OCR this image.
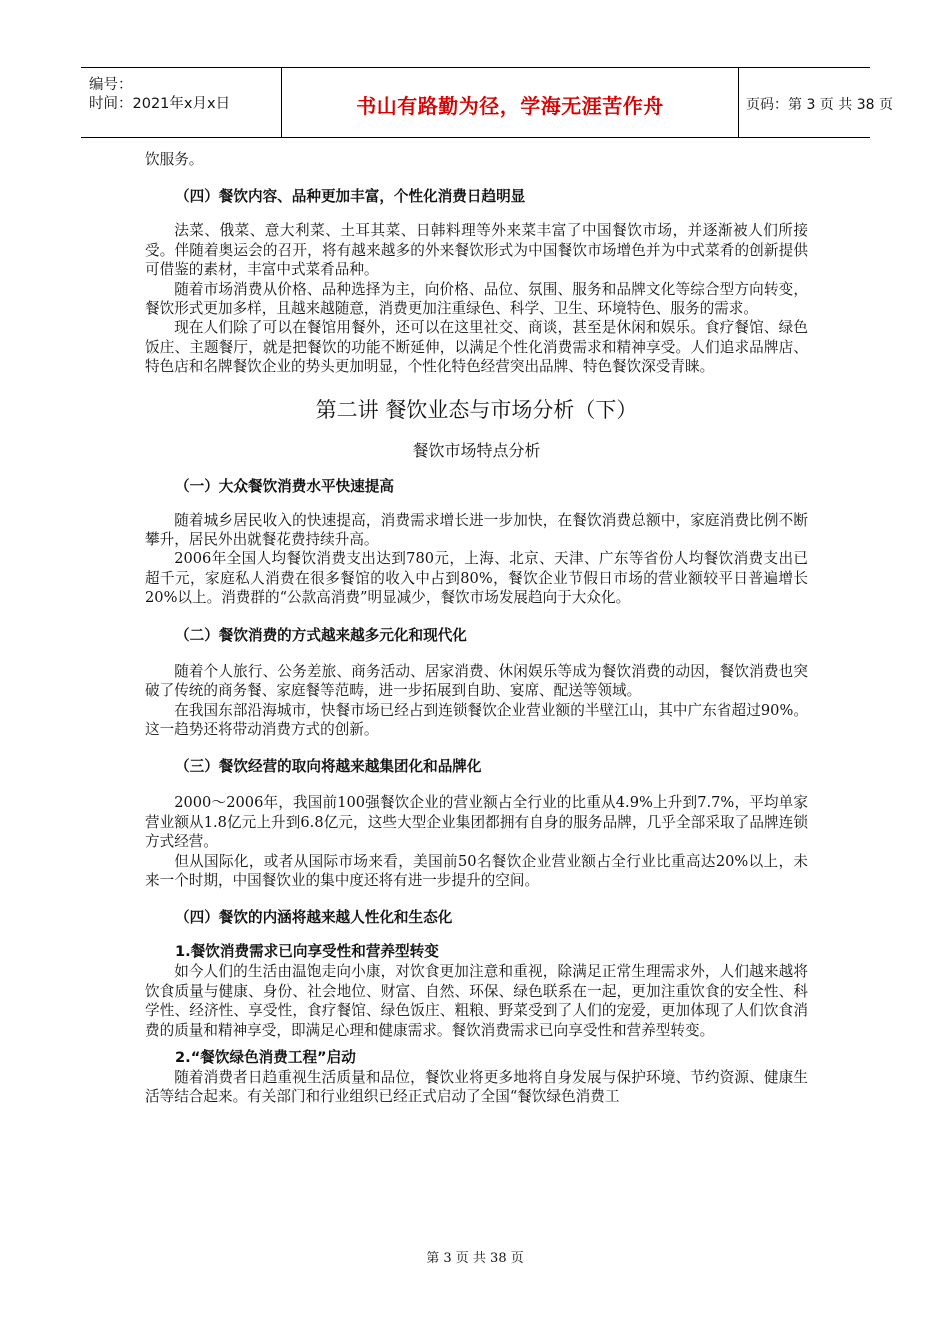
编号：
时间：2021年x月x日	书山有路勤为径，学海无涯苦作舟	页码：第 3 页 共 38 页

饮服务。

（四）餐饮内容、品种更加丰富，个性化消费日趋明显

法菜、俄菜、意大利菜、土耳其菜、日韩料理等外来菜丰富了中国餐饮市场，并逐渐被人们所接受。伴随着奥运会的召开，将有越来越多的外来餐饮形式为中国餐饮市场增色并为中式菜肴的创新提供可借鉴的素材，丰富中式菜肴品种。

随着市场消费从价格、品种选择为主，向价格、品位、氛围、服务和品牌文化等综合型方向转变，餐饮形式更加多样，且越来越随意，消费更加注重绿色、科学、卫生、环境特色、服务的需求。

现在人们除了可以在餐馆用餐外，还可以在这里社交、商谈，甚至是休闲和娱乐。食疗餐馆、绿色饭庄、主题餐厅，就是把餐饮的功能不断延伸，以满足个性化消费需求和精神享受。人们追求品牌店、特色店和名牌餐饮企业的势头更加明显，个性化特色经营突出品牌、特色餐饮深受青睐。

第二讲 餐饮业态与市场分析（下）

餐饮市场特点分析

（一）大众餐饮消费水平快速提高

随着城乡居民收入的快速提高，消费需求增长进一步加快，在餐饮消费总额中，家庭消费比例不断攀升，居民外出就餐花费持续升高。

2006年全国人均餐饮消费支出达到780元，上海、北京、天津、广东等省份人均餐饮消费支出已超千元，家庭私人消费在很多餐馆的收入中占到80%，餐饮企业节假日市场的营业额较平日普遍增长20%以上。消费群的“公款高消费”明显减少，餐饮市场发展趋向于大众化。

（二）餐饮消费的方式越来越多元化和现代化

随着个人旅行、公务差旅、商务活动、居家消费、休闲娱乐等成为餐饮消费的动因，餐饮消费也突破了传统的商务餐、家庭餐等范畴，进一步拓展到自助、宴席、配送等领域。

在我国东部沿海城市，快餐市场已经占到连锁餐饮企业营业额的半壁江山，其中广东省超过90%。这一趋势还将带动消费方式的创新。

（三）餐饮经营的取向将越来越集团化和品牌化

2000～2006年，我国前100强餐饮企业的营业额占全行业的比重从4.9%上升到7.7%，平均单家营业额从1.8亿元上升到6.8亿元，这些大型企业集团都拥有自身的服务品牌，几乎全部采取了品牌连锁方式经营。

但从国际化，或者从国际市场来看，美国前50名餐饮企业营业额占全行业比重高达20%以上，未来一个时期，中国餐饮业的集中度还将有进一步提升的空间。

（四）餐饮的内涵将越来越人性化和生态化

1.餐饮消费需求已向享受性和营养型转变

如今人们的生活由温饱走向小康，对饮食更加注意和重视，除满足正常生理需求外，人们越来越将饮食质量与健康、身份、社会地位、财富、自然、环保、绿色联系在一起，更加注重饮食的安全性、科学性、经济性、享受性，食疗餐馆、绿色饭庄、粗粮、野菜受到了人们的宠爱，更加体现了人们饮食消费的质量和精神享受，即满足心理和健康需求。餐饮消费需求已向享受性和营养型转变。

2.“餐饮绿色消费工程”启动

随着消费者日趋重视生活质量和品位，餐饮业将更多地将自身发展与保护环境、节约资源、健康生活等结合起来。有关部门和行业组织已经正式启动了全国“餐饮绿色消费工

第 3 页 共 38 页
